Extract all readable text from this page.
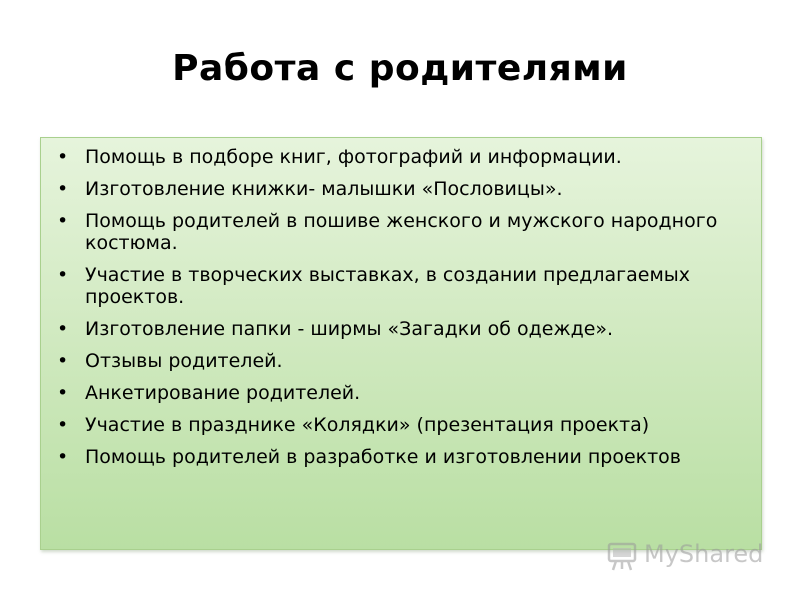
Работа с родителями
• Помощь в подборе книг, фотографий и информации.
• Изготовление книжки- малышки «Пословицы».
• Помощь родителей в пошиве женского и мужского народного костюма.
• Участие в творческих выставках, в создании предлагаемых проектов.
• Изготовление папки - ширмы «Загадки об одежде».
• Отзывы родителей.
• Анкетирование родителей.
• Участие в празднике «Колядки» (презентация проекта)
• Помощь родителей в разработке и изготовлении проектов
MyShared
